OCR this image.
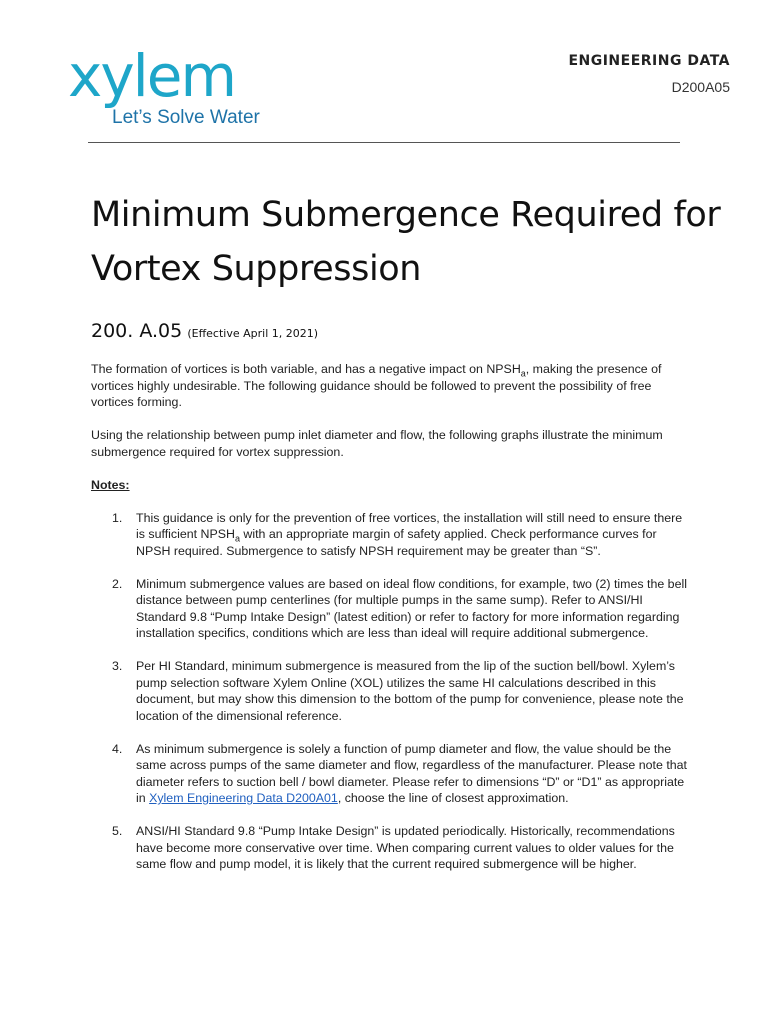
xylem
Let’s Solve Water
ENGINEERING DATA
D200A05
Minimum Submergence Required for Vortex Suppression
200. A.05 (Effective April 1, 2021)

The formation of vortices is both variable, and has a negative impact on $NPSH_a$, making the presence of vortices highly undesirable. The following guidance should be followed to prevent the possibility of free vortices forming.

Using the relationship between pump inlet diameter and flow, the following graphs illustrate the minimum submergence required for vortex suppression.

Notes:
1. This guidance is only for the prevention of free vortices, the installation will still need to ensure there is sufficient $NPSH_a$ with an appropriate margin of safety applied. Check performance curves for NPSH required. Submergence to satisfy NPSH requirement may be greater than “S”.
2. Minimum submergence values are based on ideal flow conditions, for example, two (2) times the bell distance between pump centerlines (for multiple pumps in the same sump). Refer to ANSI/HI Standard 9.8 “Pump Intake Design” (latest edition) or refer to factory for more information regarding installation specifics, conditions which are less than ideal will require additional submergence.
3. Per HI Standard, minimum submergence is measured from the lip of the suction bell/bowl. Xylem’s pump selection software Xylem Online (XOL) utilizes the same HI calculations described in this document, but may show this dimension to the bottom of the pump for convenience, please note the location of the dimensional reference.
4. As minimum submergence is solely a function of pump diameter and flow, the value should be the same across pumps of the same diameter and flow, regardless of the manufacturer. Please note that diameter refers to suction bell / bowl diameter. Please refer to dimensions “D” or “D1” as appropriate in Xylem Engineering Data D200A01, choose the line of closest approximation.
5. ANSI/HI Standard 9.8 “Pump Intake Design” is updated periodically. Historically, recommendations have become more conservative over time. When comparing current values to older values for the same flow and pump model, it is likely that the current required submergence will be higher.
